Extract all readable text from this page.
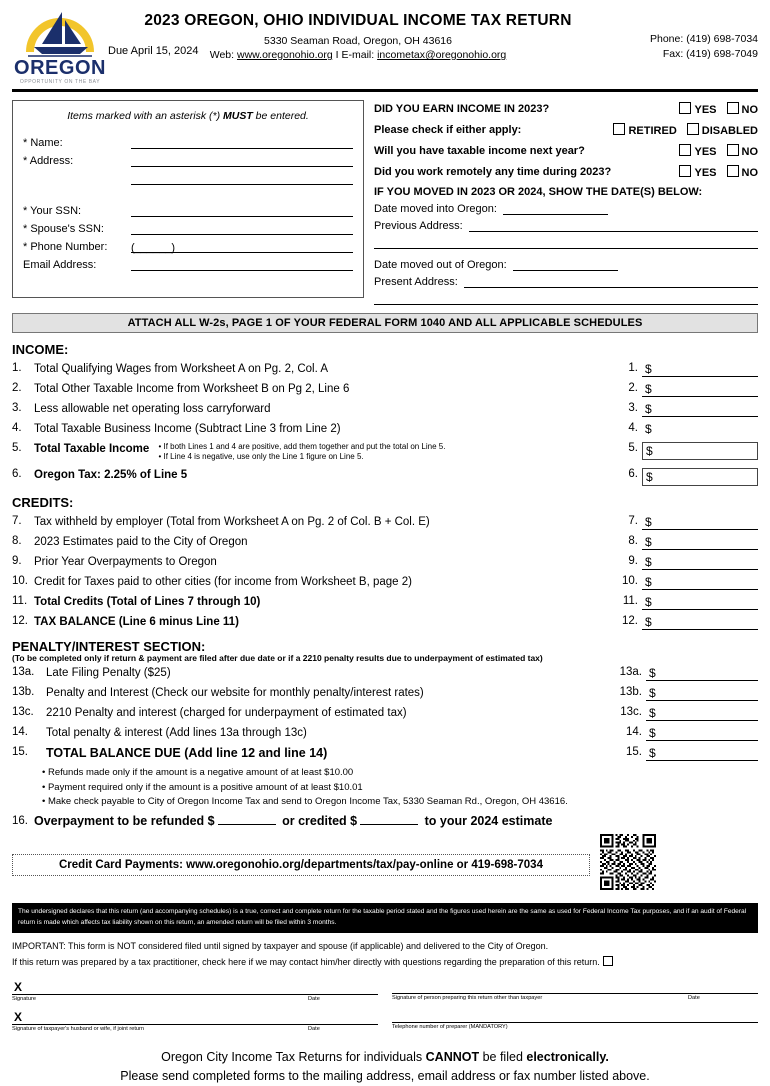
OREGON
OPPORTUNITY ON THE BAY
2023 OREGON, OHIO INDIVIDUAL INCOME TAX RETURN
5330 Seaman Road, Oregon, OH 43616
Web: www.oregonohio.org I E-mail: incometax@oregonohio.org
Phone: (419) 698-7034
Fax: (419) 698-7049
Due April 15, 2024
Items marked with an asterisk (*) MUST be entered.
* Name:
* Address:
* Your SSN:
* Spouse's SSN:
* Phone Number:	(______)
Email Address:
DID YOU EARN INCOME IN 2023?	YES	NO
Please check if either apply:	RETIRED	DISABLED
Will you have taxable income next year?	YES	NO
Did you work remotely any time during 2023?	YES	NO
IF YOU MOVED IN 2023 OR 2024, SHOW THE DATE(S) BELOW:
Date moved into Oregon:
Previous Address:
Date moved out of Oregon:
Present Address:
ATTACH ALL W-2s, PAGE 1 OF YOUR FEDERAL FORM 1040 AND ALL APPLICABLE SCHEDULES
INCOME:
1.	Total Qualifying Wages from Worksheet A on Pg. 2, Col. A	1. $
2.	Total Other Taxable Income from Worksheet B on Pg 2, Line 6	2. $
3.	Less allowable net operating loss carryforward	3. $
4.	Total Taxable Business Income (Subtract Line 3 from Line 2)	4. $
5.	Total Taxable Income • If both Lines 1 and 4 are positive, add them together and put the total on Line 5.
• If Line 4 is negative, use only the Line 1 figure on Line 5.
5. $
6.	Oregon Tax: 2.25% of Line 5	6. $
CREDITS:
7.	Tax withheld by employer (Total from Worksheet A on Pg. 2 of Col. B + Col. E)	7. $
8.	2023 Estimates paid to the City of Oregon	8. $
9.	Prior Year Overpayments to Oregon	9. $
10. Credit for Taxes paid to other cities (for income from Worksheet B, page 2)	10. $
11. Total Credits (Total of Lines 7 through 10)	11. $
12. TAX BALANCE (Line 6 minus Line 11)	12. $
PENALTY/INTEREST SECTION:
(To be completed only if return & payment are filed after due date or if a 2210 penalty results due to underpayment of estimated tax)
13a.	Late Filing Penalty ($25)	13a. $
13b.	Penalty and Interest (Check our website for monthly penalty/interest rates)	13b. $
13c.	2210 Penalty and interest (charged for underpayment of estimated tax)	13c. $
14.	Total penalty & interest (Add lines 13a through 13c)	14. $
15.	TOTAL BALANCE DUE (Add line 12 and line 14)	15. $
• Refunds made only if the amount is a negative amount of at least $10.00
• Payment required only if the amount is a positive amount of at least $10.01
• Make check payable to City of Oregon Income Tax and send to Oregon Income Tax, 5330 Seaman Rd., Oregon, OH 43616.
16. Overpayment to be refunded $	or credited $	to your 2024 estimate
Credit Card Payments: www.oregonohio.org/departments/tax/pay-online or 419-698-7034
The undersigned declares that this return (and accompanying schedules) is a true, correct and complete return for the taxable period stated and the figures used herein are the same as used for Federal Income Tax purposes, and if an audit of Federal return is made which affects tax liability shown on this return, an amended return will be filed within 3 months.
IMPORTANT: This form is NOT considered filed until signed by taxpayer and spouse (if applicable) and delivered to the City of Oregon.
If this return was prepared by a tax practitioner, check here if we may contact him/her directly with questions regarding the preparation of this return.
X
Signature	Date
X
Signature of taxpayer's husband or wife, if joint return	Date
Signature of person preparing this return other than taxpayer	Date
Telephone number of preparer (MANDATORY)
Oregon City Income Tax Returns for individuals CANNOT be filed electronically.
Please send completed forms to the mailing address, email address or fax number listed above.
